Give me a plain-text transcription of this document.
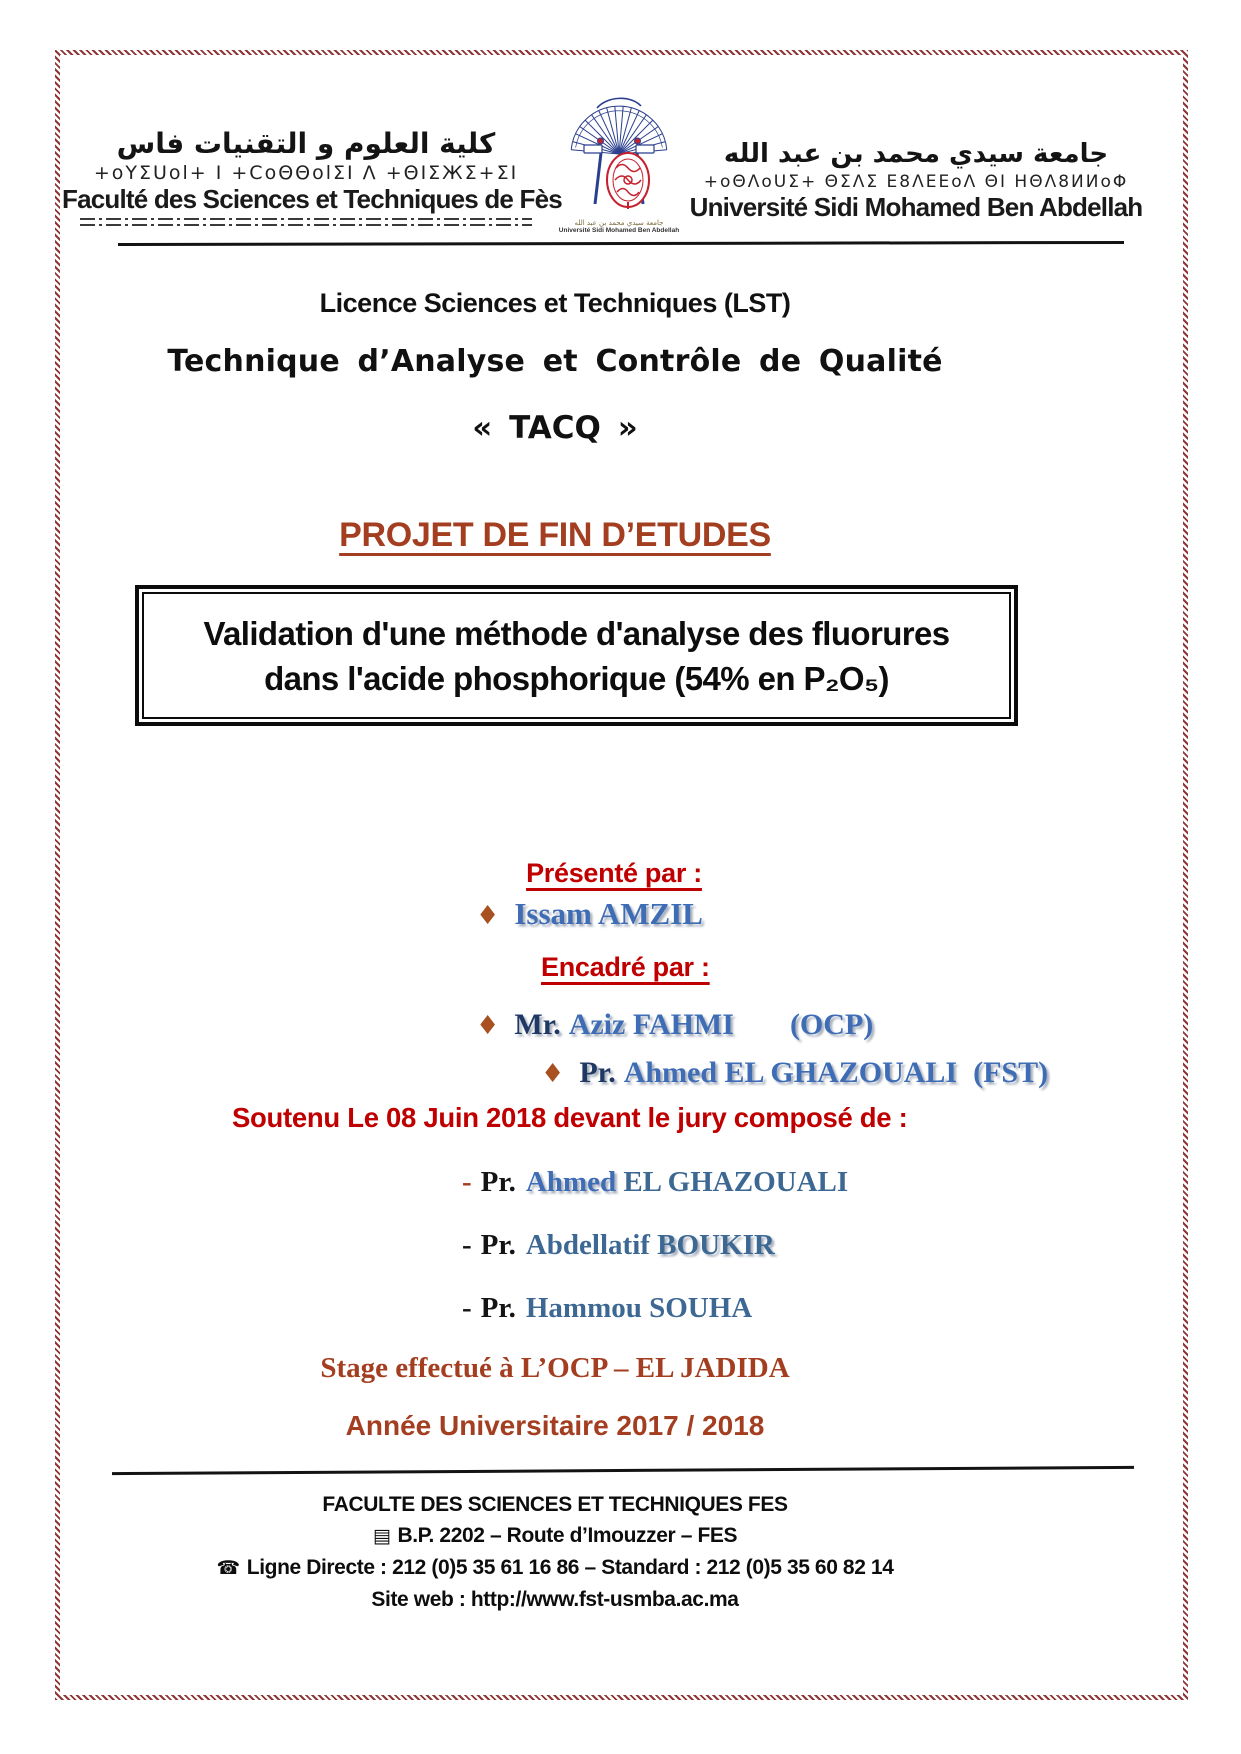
كلية العلوم و التقنيات فاس
+oYΣUol+ I +CoΘΘolΣI Λ +ΘIΣЖΣ+ΣI
Faculté des Sciences et Techniques de Fès
جامعة سيدي محمد بن عبد الله
Université Sidi Mohamed Ben Abdellah
جامعة سيدي محمد بن عبد الله
+oΘΛoUΣ+ ΘΣΛΣ Ε8ΛΕΕoΛ ΘI ΗΘΛ8ИИoΦ
Université Sidi Mohamed Ben Abdellah
Licence Sciences et Techniques (LST)
Technique d’Analyse et Contrôle de Qualité
« TACQ »
PROJET DE FIN D’ETUDES
Validation d'une méthode d'analyse des fluorures
dans l'acide phosphorique (54% en P₂O₅)
Présenté par :
♦ Issam AMZIL
Encadré par :
♦ Mr. Aziz FAHMI (OCP)
♦ Pr. Ahmed EL GHAZOUALI (FST)
Soutenu Le 08 Juin 2018 devant le jury composé de :
- Pr. Ahmed EL GHAZOUALI
- Pr. Abdellatif BOUKIR
- Pr. Hammou SOUHA
Stage effectué à L’OCP – EL JADIDA
Année Universitaire 2017 / 2018
FACULTE DES SCIENCES ET TECHNIQUES FES
▤ B.P. 2202 – Route d’Imouzzer – FES
☎ Ligne Directe : 212 (0)5 35 61 16 86 – Standard : 212 (0)5 35 60 82 14
Site web : http://www.fst-usmba.ac.ma
